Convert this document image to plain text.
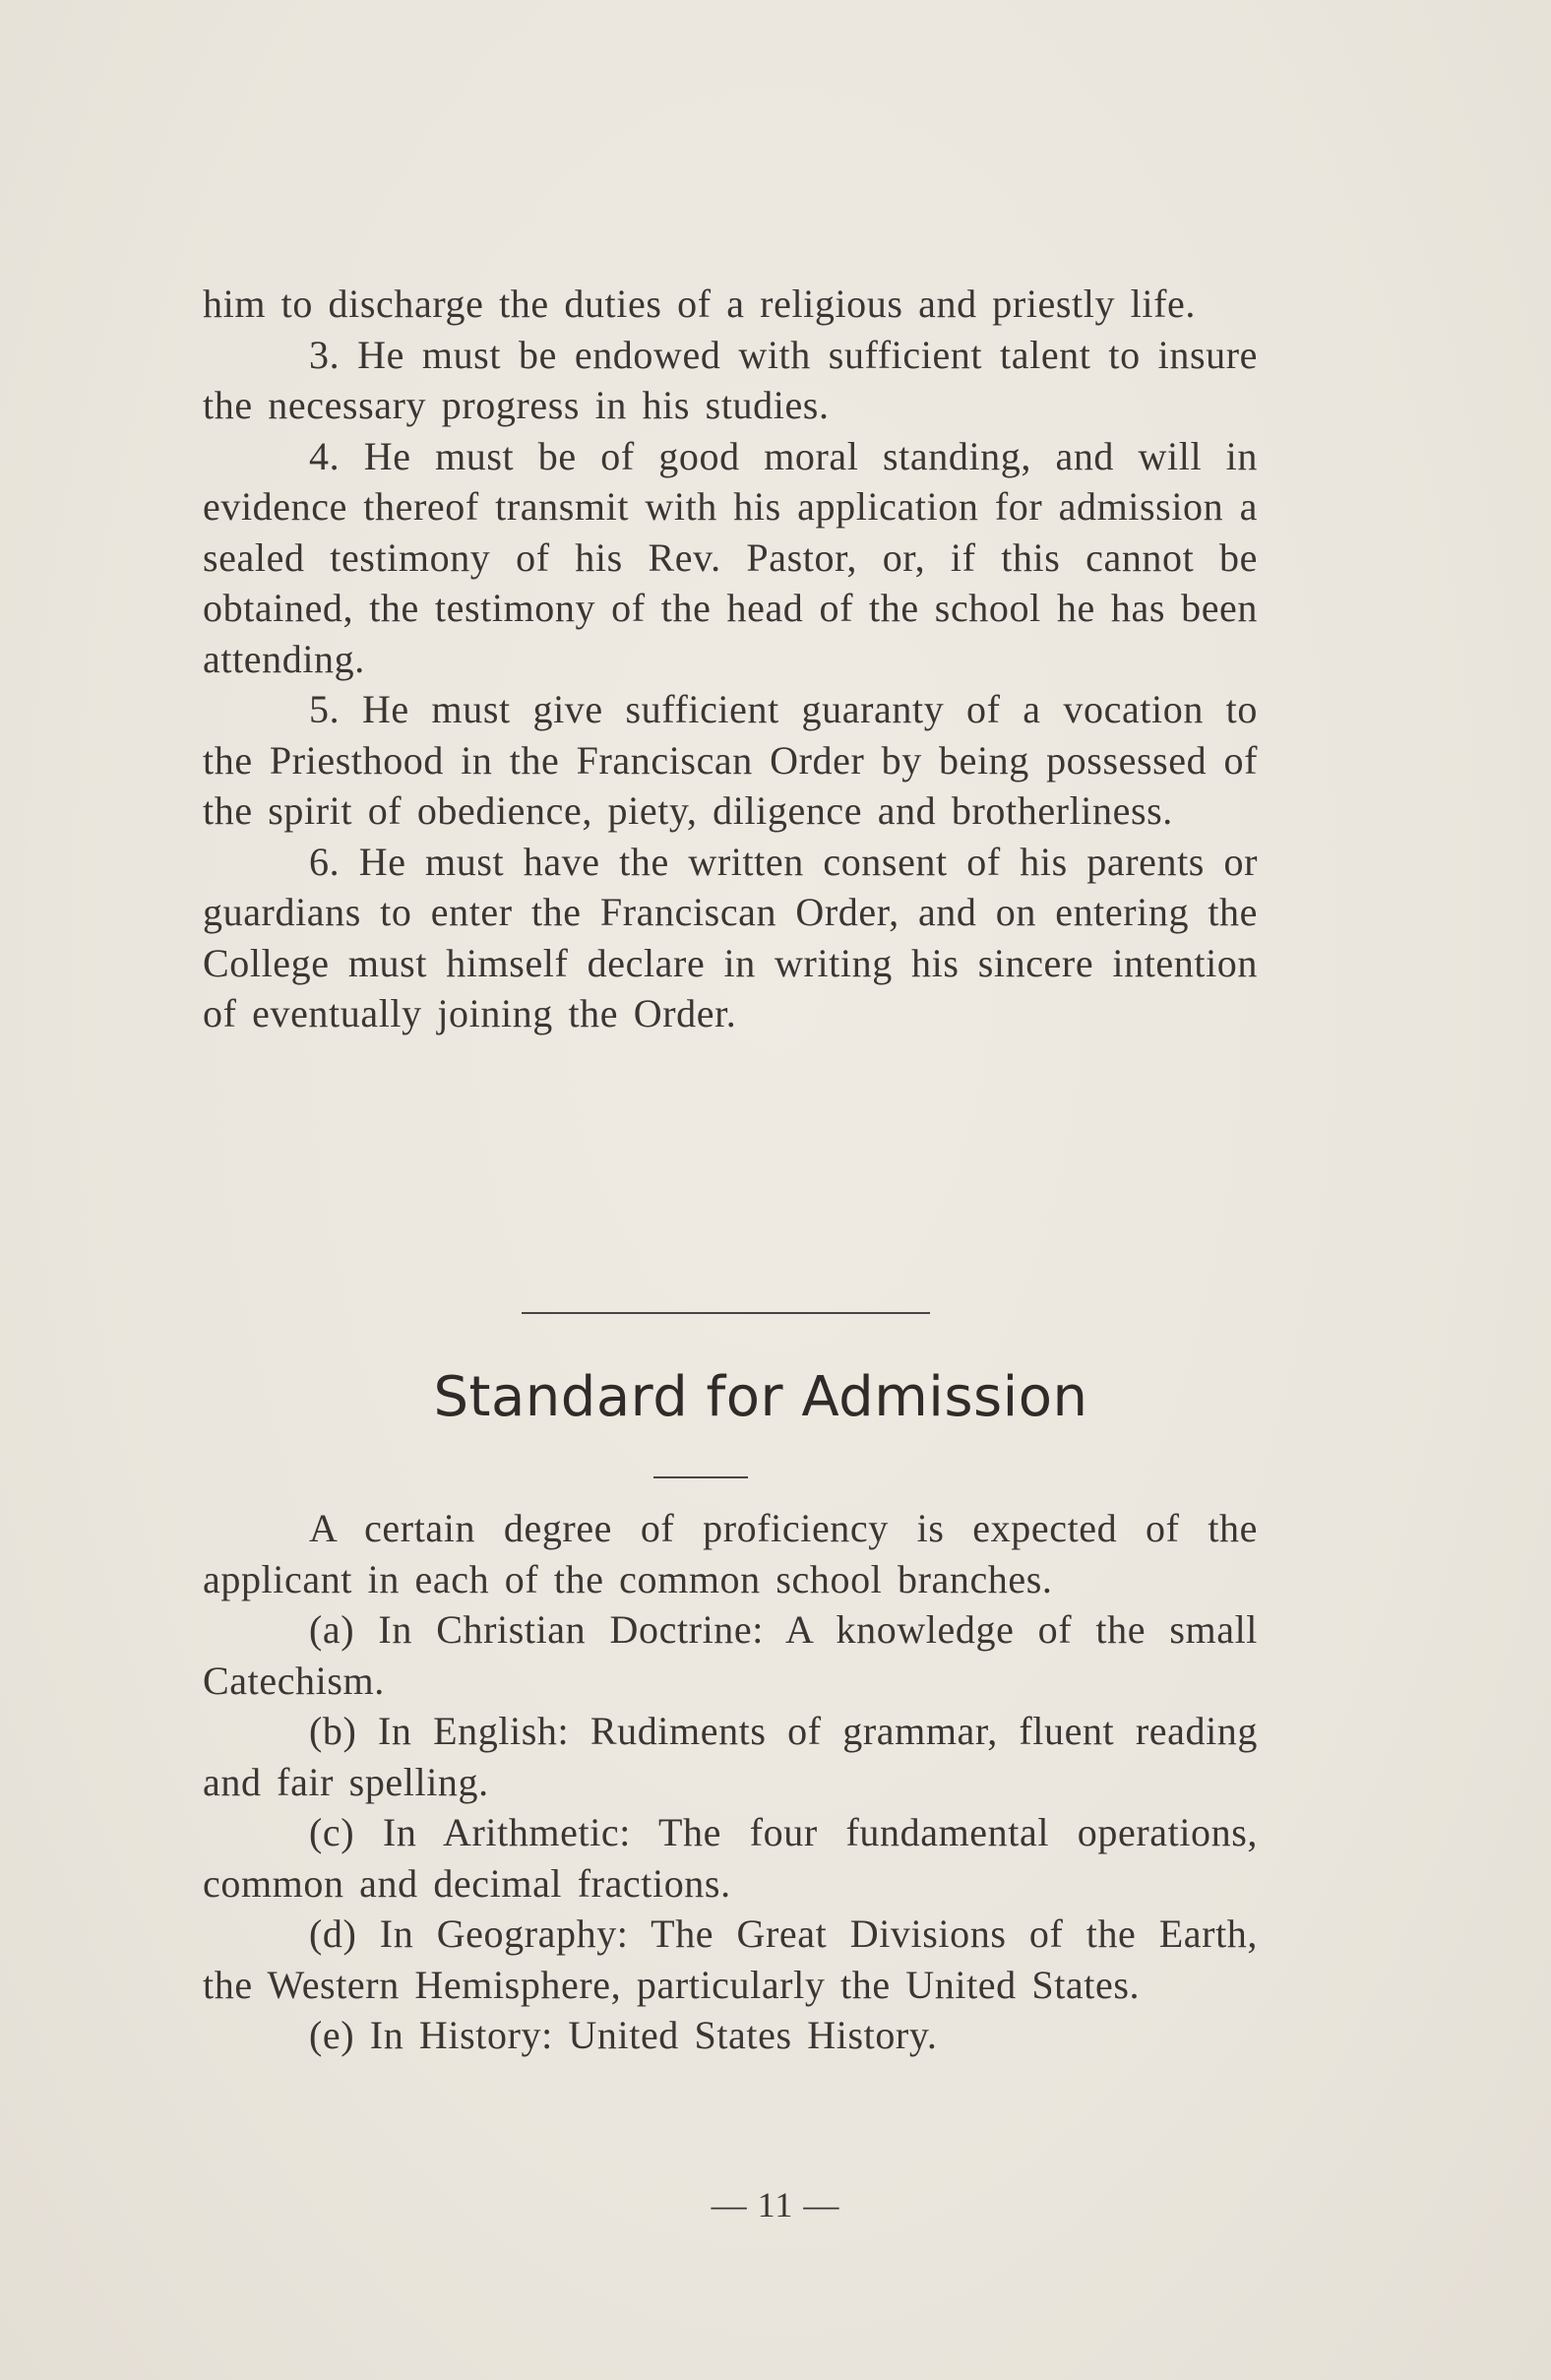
him to discharge the duties of a religious and priestly life.

3. He must be endowed with sufficient talent to insure the necessary progress in his studies.

4. He must be of good moral standing, and will in evidence thereof transmit with his application for admission a sealed testimony of his Rev. Pastor, or, if this cannot be obtained, the testimony of the head of the school he has been attending.

5. He must give sufficient guaranty of a vocation to the Priesthood in the Franciscan Order by being possessed of the spirit of obedience, piety, diligence and brotherliness.

6. He must have the written consent of his parents or guardians to enter the Franciscan Order, and on entering the College must himself declare in writing his sincere intention of eventually joining the Order.

Standard for Admission

A certain degree of proficiency is expected of the applicant in each of the common school branches.

(a) In Christian Doctrine: A knowledge of the small Catechism.

(b) In English: Rudiments of grammar, fluent reading and fair spelling.

(c) In Arithmetic: The four fundamental operations, common and decimal fractions.

(d) In Geography: The Great Divisions of the Earth, the Western Hemisphere, particularly the United States.

(e) In History: United States History.

— 11 —
